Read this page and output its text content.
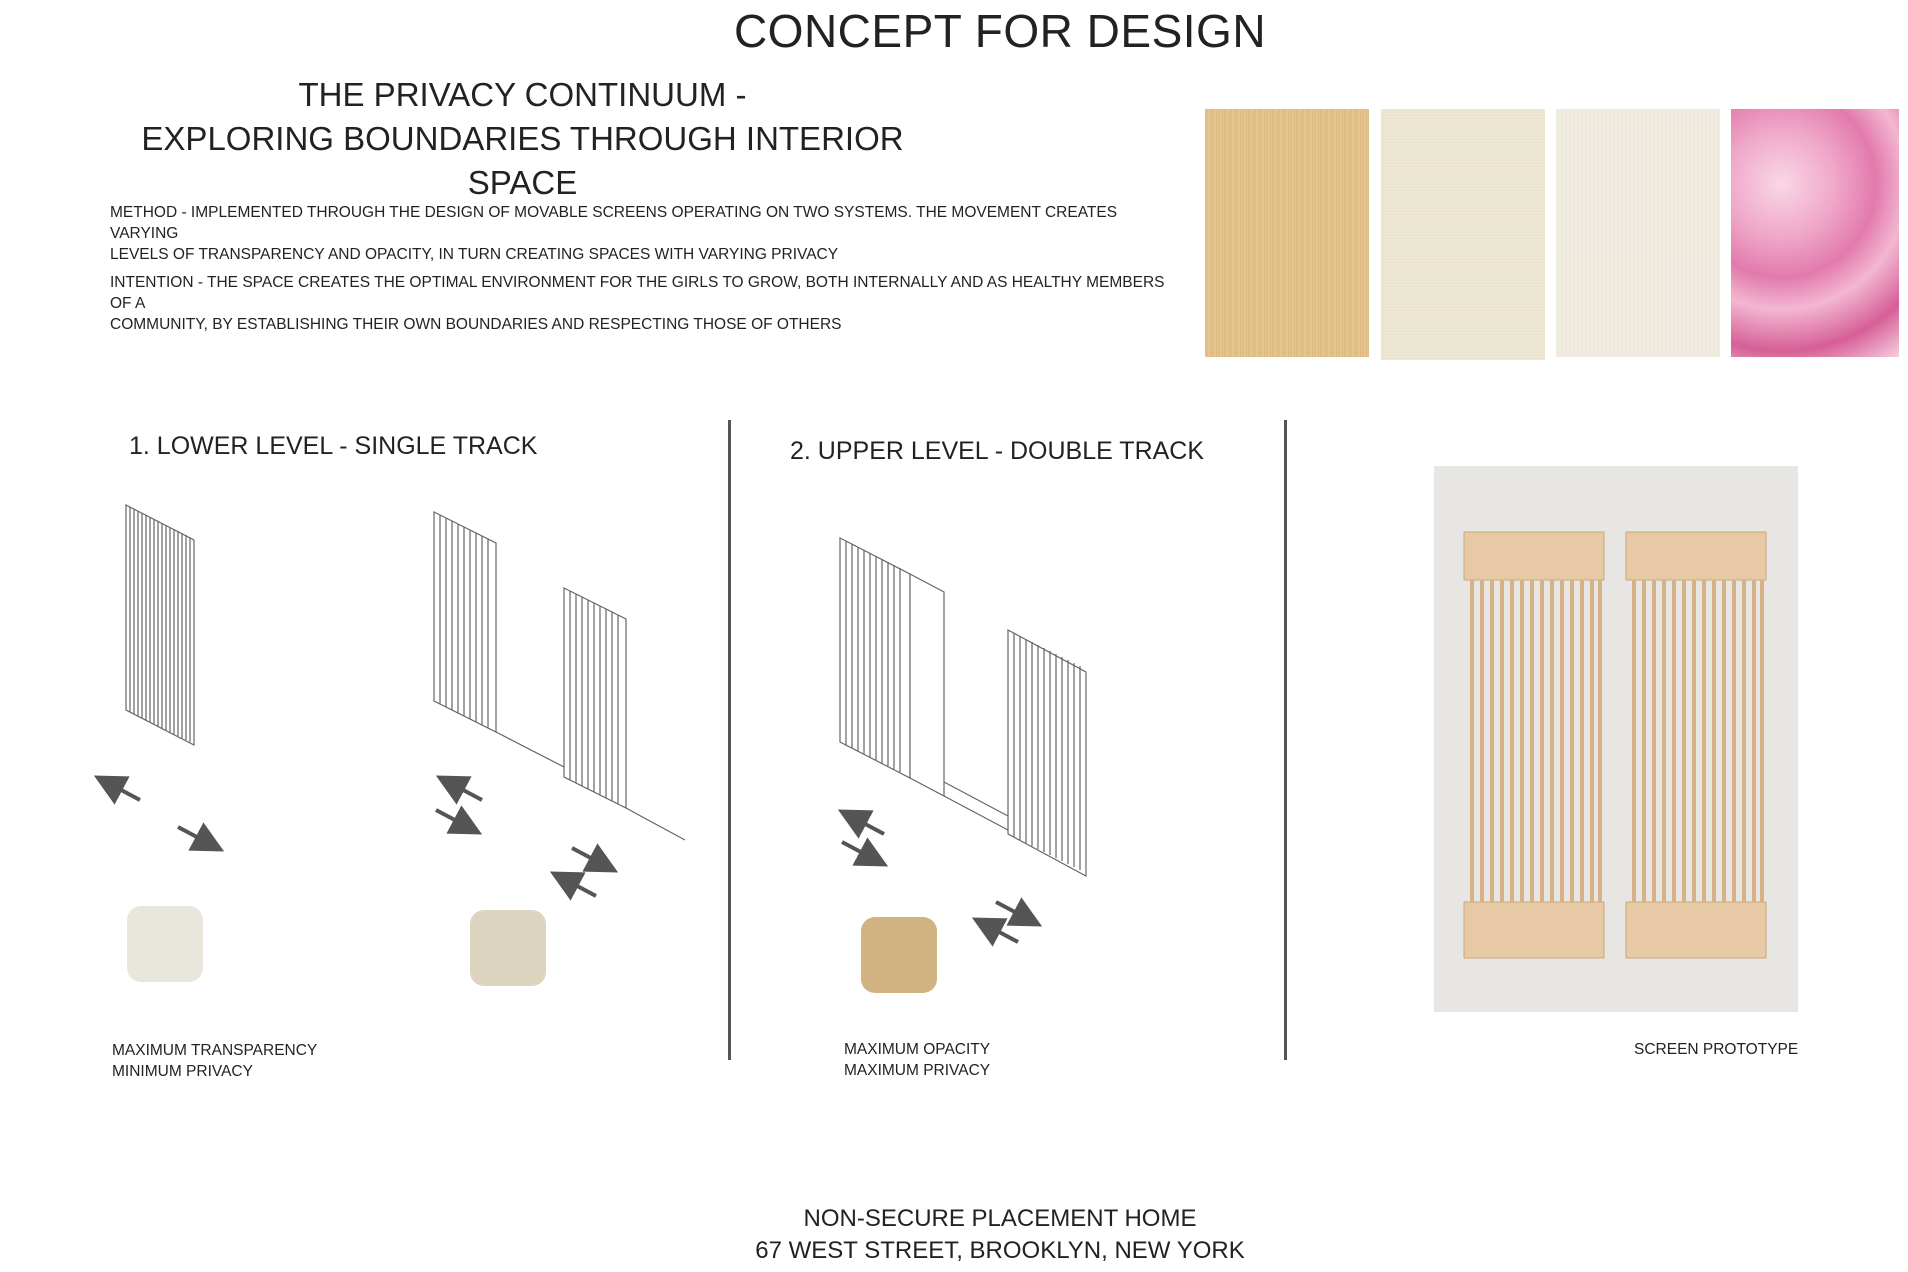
CONCEPT FOR DESIGN
THE PRIVACY CONTINUUM -
EXPLORING BOUNDARIES THROUGH INTERIOR SPACE
METHOD - IMPLEMENTED THROUGH THE DESIGN OF MOVABLE SCREENS OPERATING ON TWO SYSTEMS. THE MOVEMENT CREATES VARYING
LEVELS OF TRANSPARENCY AND OPACITY, IN TURN CREATING SPACES WITH VARYING PRIVACY
INTENTION - THE SPACE CREATES THE OPTIMAL ENVIRONMENT FOR THE GIRLS TO GROW, BOTH INTERNALLY AND AS HEALTHY MEMBERS OF A
COMMUNITY, BY ESTABLISHING THEIR OWN BOUNDARIES AND RESPECTING THOSE OF OTHERS
1. LOWER LEVEL - SINGLE TRACK	2. UPPER LEVEL - DOUBLE TRACK
MAXIMUM TRANSPARENCY
MINIMUM PRIVACY
MAXIMUM OPACITY
MAXIMUM PRIVACY
SCREEN PROTOTYPE
NON-SECURE PLACEMENT HOME
67 WEST STREET, BROOKLYN, NEW YORK
